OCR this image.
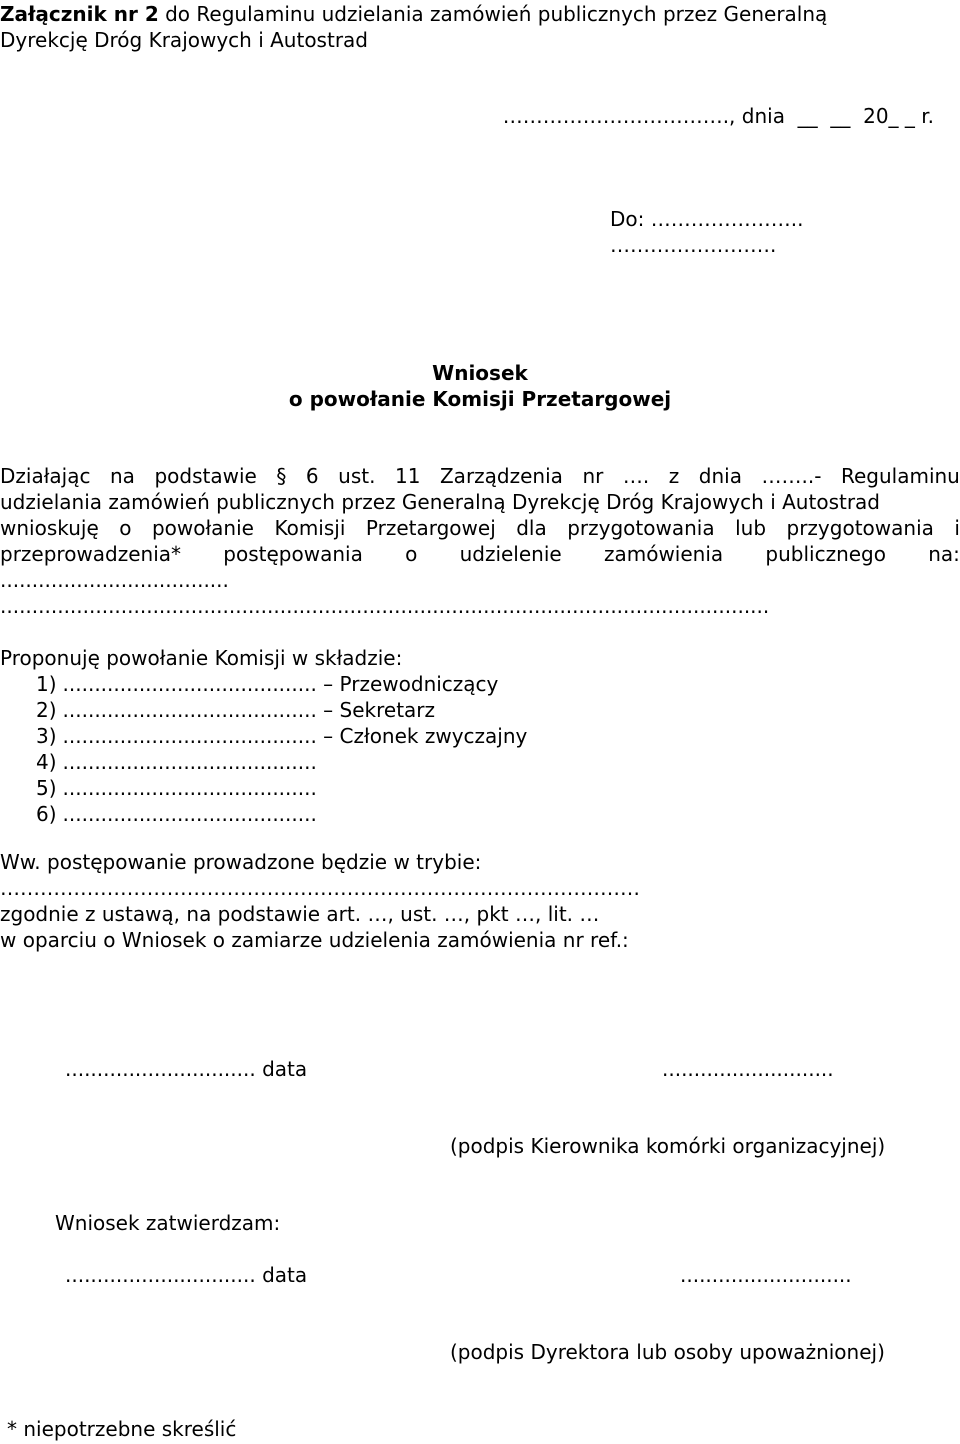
Załącznik nr 2 do Regulaminu udzielania zamówień publicznych przez Generalną
Dyrekcję Dróg Krajowych i Autostrad
……………………………., dnia  __  __  20_ _ r.
Do: …………………..
…………………….
Wniosek
o powołanie Komisji Przetargowej
Działając na podstawie § 6 ust. 11 Zarządzenia nr …. z dnia ……..- Regulaminu
udzielania zamówień publicznych przez Generalną Dyrekcję Dróg Krajowych i Autostrad
wnioskuję o powołanie Komisji Przetargowej dla przygotowania lub przygotowania i
przeprowadzenia* postępowania o udzielenie zamówienia publicznego na:
....................................
.........................................................................................................................
Proponuję powołanie Komisji w składzie:
1) ........................................ – Przewodniczący
2) ........................................ – Sekretarz
3) ........................................ – Członek zwyczajny
4) ........................................
5) ........................................
6) ........................................
Ww. postępowanie prowadzone będzie w trybie:
……………………………………………………………………………………
zgodnie z ustawą, na podstawie art. …, ust. …, pkt …, lit. …
w oparciu o Wniosek o zamiarze udzielenia zamówienia nr ref.:
.............................. data	...........................
(podpis Kierownika komórki organizacyjnej)
Wniosek zatwierdzam:
.............................. data	...........................
(podpis Dyrektora lub osoby upoważnionej)
* niepotrzebne skreślić
